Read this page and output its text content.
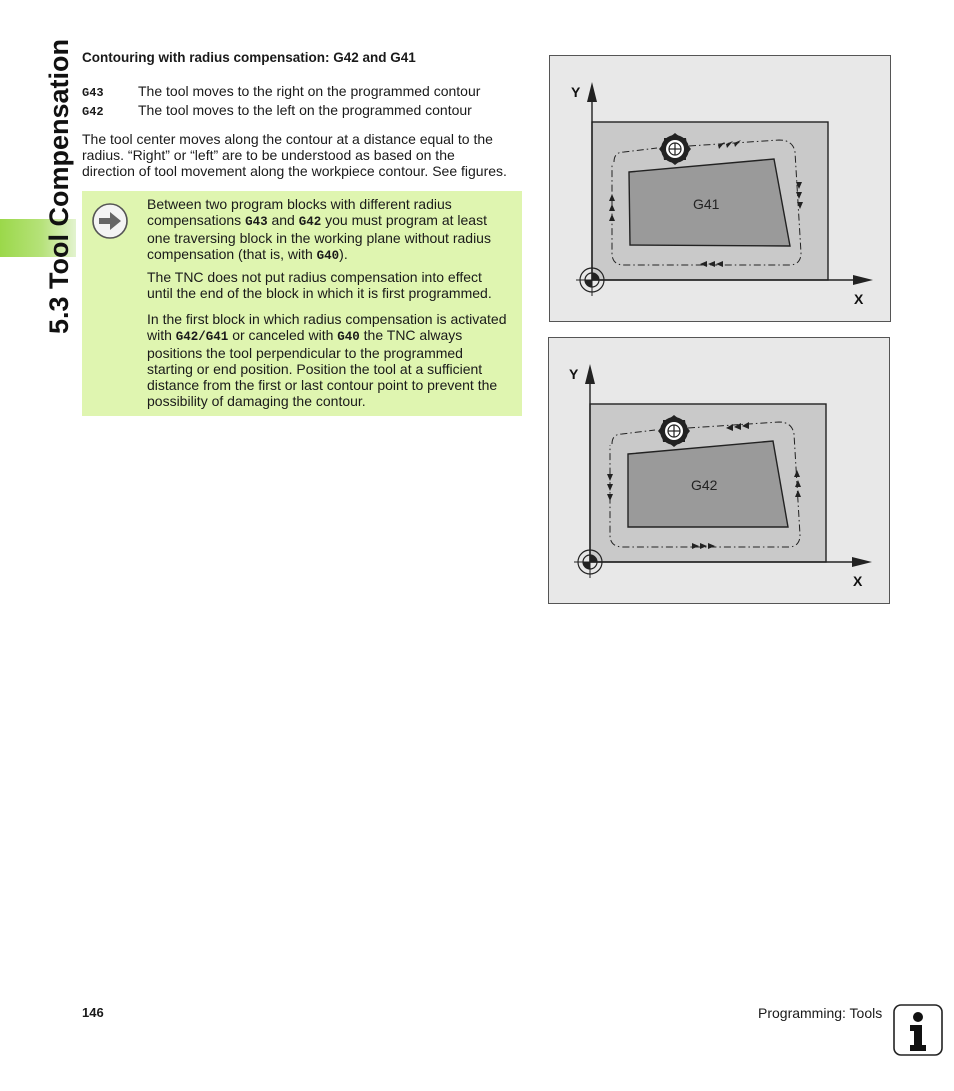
5.3 Tool Compensation Contouring with radius compensation: G42 and G41
G43 The tool moves to the right on the programmed contour
G42 The tool moves to the left on the programmed contour
The tool center moves along the contour at a distance equal to the
radius. “Right” or “left” are to be understood as based on the
direction of tool movement along the workpiece contour. See figures.
Between two program blocks with different radius
compensations G43 and G42 you must program at least
one traversing block in the working plane without radius
compensation (that is, with G40).
The TNC does not put radius compensation into effect
until the end of the block in which it is first programmed.
In the first block in which radius compensation is activated
with G42/G41 or canceled with G40 the TNC always
positions the tool perpendicular to the programmed
starting or end position. Position the tool at a sufficient
distance from the first or last contour point to prevent the
possibility of damaging the contour.
Y
X
G41
Y
X
G42
146	Programming: Tools
